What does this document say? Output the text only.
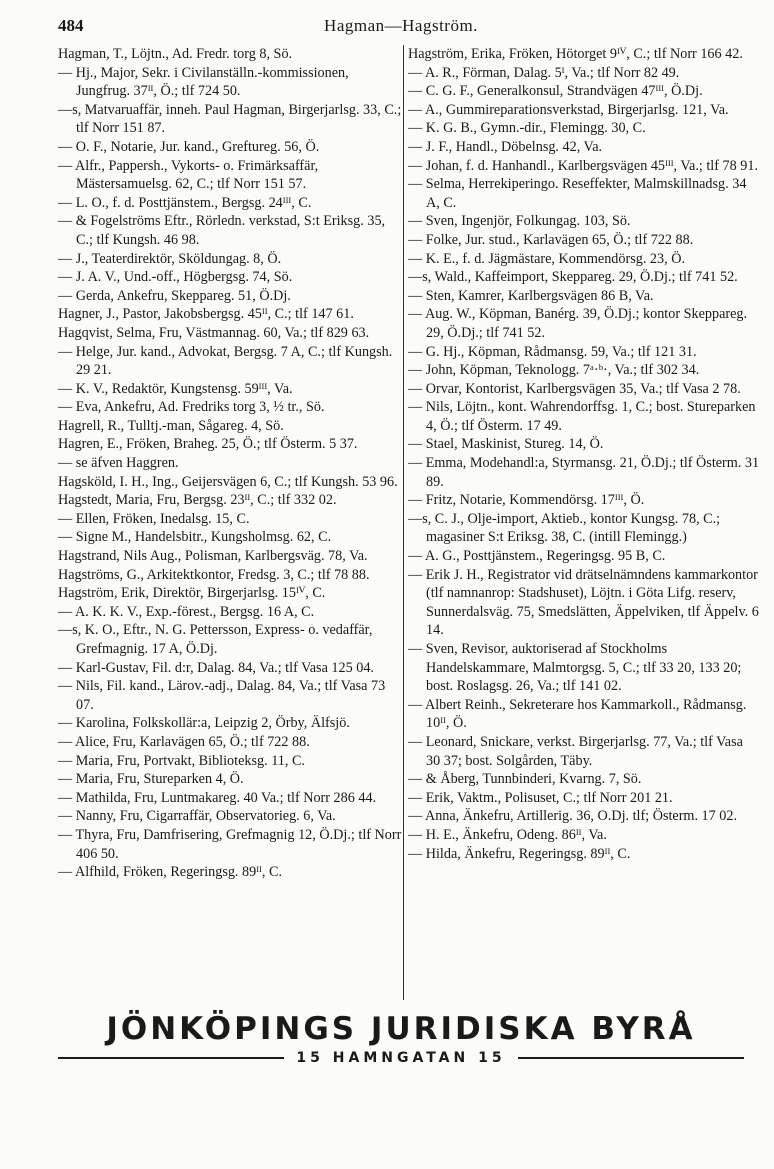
484	Hagman—Hagström.

Hagman, T., Löjtn., Ad. Fredr. torg 8, Sö.

— Hj., Major, Sekr. i Civilanställn.-kommissionen, Jungfrug. 37ᴵᴵ, Ö.; tlf 724 50.

—s, Matvaruaffär, inneh. Paul Hagman, Birgerjarlsg. 33, C.; tlf Norr 151 87.

— O. F., Notarie, Jur. kand., Greftureg. 56, Ö.

— Alfr., Pappersh., Vykorts- o. Frimärksaffär, Mästersamuelsg. 62, C.; tlf Norr 151 57.

— L. O., f. d. Posttjänstem., Bergsg. 24ᴵᴵᴵ, C.

— & Fogelströms Eftr., Rörledn. verkstad, S:t Eriksg. 35, C.; tlf Kungsh. 46 98.

— J., Teaterdirektör, Sköldungag. 8, Ö.

— J. A. V., Und.-off., Högbergsg. 74, Sö.

— Gerda, Ankefru, Skeppareg. 51, Ö.Dj.

Hagner, J., Pastor, Jakobsbergsg. 45ᴵᴵ, C.; tlf 147 61.

Hagqvist, Selma, Fru, Västmannag. 60, Va.; tlf 829 63.

— Helge, Jur. kand., Advokat, Bergsg. 7 A, C.; tlf Kungsh. 29 21.

— K. V., Redaktör, Kungstensg. 59ᴵᴵᴵ, Va.

— Eva, Ankefru, Ad. Fredriks torg 3, ½ tr., Sö.

Hagrell, R., Tulltj.-man, Sågareg. 4, Sö.

Hagren, E., Fröken, Braheg. 25, Ö.; tlf Österm. 5 37.

— se äfven Haggren.

Hagsköld, I. H., Ing., Geijersvägen 6, C.; tlf Kungsh. 53 96.

Hagstedt, Maria, Fru, Bergsg. 23ᴵᴵ, C.; tlf 332 02.

— Ellen, Fröken, Inedalsg. 15, C.

— Signe M., Handelsbitr., Kungsholmsg. 62, C.

Hagstrand, Nils Aug., Polisman, Karlbergsväg. 78, Va.

Hagströms, G., Arkitektkontor, Fredsg. 3, C.; tlf 78 88.

Hagström, Erik, Direktör, Birgerjarlsg. 15ᴵⱽ, C.

— A. K. K. V., Exp.-förest., Bergsg. 16 A, C.

—s, K. O., Eftr., N. G. Pettersson, Express- o. vedaffär, Grefmagnig. 17 A, Ö.Dj.

— Karl-Gustav, Fil. d:r, Dalag. 84, Va.; tlf Vasa 125 04.

— Nils, Fil. kand., Lärov.-adj., Dalag. 84, Va.; tlf Vasa 73 07.

— Karolina, Folkskollär:a, Leipzig 2, Örby, Älfsjö.

— Alice, Fru, Karlavägen 65, Ö.; tlf 722 88.

— Maria, Fru, Portvakt, Biblioteksg. 11, C.

— Maria, Fru, Stureparken 4, Ö.

— Mathilda, Fru, Luntmakareg. 40 Va.; tlf Norr 286 44.

— Nanny, Fru, Cigarraffär, Observatorieg. 6, Va.

— Thyra, Fru, Damfrisering, Grefmagnig 12, Ö.Dj.; tlf Norr 406 50.

— Alfhild, Fröken, Regeringsg. 89ᴵᴵ, C.

Hagström, Erika, Fröken, Hötorget 9ᴵⱽ, C.; tlf Norr 166 42.

— A. R., Förman, Dalag. 5ᴵ, Va.; tlf Norr 82 49.

— C. G. F., Generalkonsul, Strandvägen 47ᴵᴵᴵ, Ö.Dj.

— A., Gummireparationsverkstad, Birgerjarlsg. 121, Va.

— K. G. B., Gymn.-dir., Flemingg. 30, C.

— J. F., Handl., Döbelnsg. 42, Va.

— Johan, f. d. Hanhandl., Karlbergsvägen 45ᴵᴵᴵ, Va.; tlf 78 91.

— Selma, Herrekiperingo. Reseffekter, Malmskillnadsg. 34 A, C.

— Sven, Ingenjör, Folkungag. 103, Sö.

— Folke, Jur. stud., Karlavägen 65, Ö.; tlf 722 88.

— K. E., f. d. Jägmästare, Kommendörsg. 23, Ö.

—s, Wald., Kaffeimport, Skeppareg. 29, Ö.Dj.; tlf 741 52.

— Sten, Kamrer, Karlbergsvägen 86 B, Va.

— Aug. W., Köpman, Banérg. 39, Ö.Dj.; kontor Skeppareg. 29, Ö.Dj.; tlf 741 52.

— G. Hj., Köpman, Rådmansg. 59, Va.; tlf 121 31.

— John, Köpman, Teknologg. 7ᵃ·ᵇ·, Va.; tlf 302 34.

— Orvar, Kontorist, Karlbergsvägen 35, Va.; tlf Vasa 2 78.

— Nils, Löjtn., kont. Wahrendorffsg. 1, C.; bost. Stureparken 4, Ö.; tlf Österm. 17 49.

— Stael, Maskinist, Stureg. 14, Ö.

— Emma, Modehandl:a, Styrmansg. 21, Ö.Dj.; tlf Österm. 31 89.

— Fritz, Notarie, Kommendörsg. 17ᴵᴵᴵ, Ö.

—s, C. J., Olje-import, Aktieb., kontor Kungsg. 78, C.; magasiner S:t Eriksg. 38, C. (intill Flemingg.)

— A. G., Posttjänstem., Regeringsg. 95 B, C.

— Erik J. H., Registrator vid drätselnämndens kammarkontor (tlf namnanrop: Stadshuset), Löjtn. i Göta Lifg. reserv, Sunnerdalsväg. 75, Smedslätten, Äppelviken, tlf Äppelv. 6 14.

— Sven, Revisor, auktoriserad af Stockholms Handelskammare, Malmtorgsg. 5, C.; tlf 33 20, 133 20; bost. Roslagsg. 26, Va.; tlf 141 02.

— Albert Reinh., Sekreterare hos Kammarkoll., Rådmansg. 10ᴵᴵ, Ö.

— Leonard, Snickare, verkst. Birgerjarlsg. 77, Va.; tlf Vasa 30 37; bost. Solgården, Täby.

— & Åberg, Tunnbinderi, Kvarng. 7, Sö.

— Erik, Vaktm., Polisuset, C.; tlf Norr 201 21.

— Anna, Änkefru, Artillerig. 36, O.Dj. tlf; Österm. 17 02.

— H. E., Änkefru, Odeng. 86ᴵᴵ, Va.

— Hilda, Änkefru, Regeringsg. 89ᴵᴵ, C.

JÖNKÖPINGS JURIDISKA BYRÅ
15 HAMNGATAN 15
